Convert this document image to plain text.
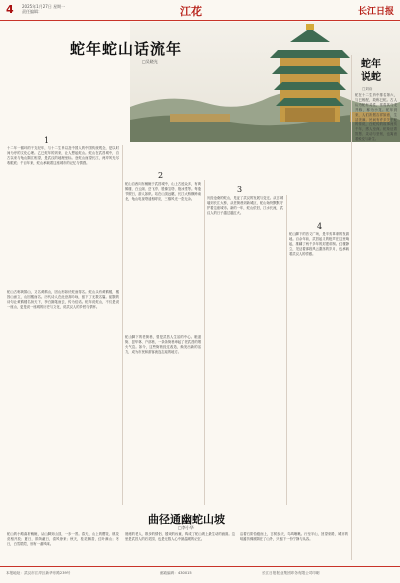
4 2025年1月27日 星期一
责任编辑：	江花	长江日报
蛇年蛇山话流年
□吴晓光	蛇年
说蛇
□刘诗
蛇在十二生肖中排名第六，与巳相配，故称巳蛇。古人认为蛇有灵性，常将其与龙并称，称为小龙。蛇年到来，人们祈愿吉祥如意，生活美满。民间有许多关于蛇的传说，白蛇传的故事流传千年，感人至深。蛇象征着智慧、灵动与坚韧，也寓意着蜕变与新生。
1
2
3
4
十二年一循环的干支纪年，与十二生肖以及中国人的中国传统观念，是以时间为序的文化心理。乙巳蛇年的到来，让人想起蛇山。蛇山在武昌城中，自古以来与龟山隔江相望，是武汉的地理坐标。登蛇山而望长江，两岸风光尽收眼底；千百年来，蛇山承载着这座城市的记忆与情感。
蛇山古称黄鹄山，又名黄鹤山，因山形如伏蛇而得名。蛇山头有黄鹤楼，楼因山而立，山因楼而名。历代诗人在此登高吟咏，留下了无数名篇。崔颢的诗句让黄鹤楼名扬天下，李白搁笔而去，传为佳话。蛇年说蛇山，不仅是说一座山，更是说一座城的历史与文化，说武汉人的乡愁与情怀。
蛇山自西向东蜿蜒于武昌城中，山上古迹众多，有黄鹤楼、白云阁、岳飞亭、胜像宝塔、抱冰堂等。每逢节假日，游人如织。站在山顶远眺，长江大桥横跨南北，龟山电视塔遥相呼应，三镇风光一览无余。
蛇山脚下的老街巷，曾是武昌人生活的中心。粮道街、昙华林、户部巷，一条条街巷串起了老武昌的烟火气息。如今，这些街巷经过改造，焕发出新的活力，成为市民和游客流连忘返的地方。
历经沧桑的蛇山，见证了武汉的发展与变迁。从古城墙到长江大桥，从老街巷到新城区，蛇山始终默默守护着这座城市。新的一年，蛇山依旧，江水长流，武汉人的日子越过越红火。
蛇山脚下的首义广场，是辛亥革命的发源地。百余年前，武昌起义的枪声在这里响起，推翻了两千多年的封建帝制。红楼静立，见证着那段风云激荡的岁月，也承载着武汉人的骄傲。
曲径通幽蛇山坡
□李小华
蛇山的小路曲折蜿蜒，从山脚到山顶，一步一景。春天，山上的樱花、桃花竞相开放；夏日，浓荫蔽日，清风徐来；秋天，桂花飘香，红叶满山；冬日，白雪皑皑，别有一番风味。
晨练的老人、散步的情侣、嬉戏的孩童，构成了蛇山坡上最生动的画面。这里是武昌人的后花园，也是无数人心中最温暖的记忆。
沿着石阶拾级而上，古树参天，鸟鸣啾啾。行至半山，回望来路，城市的喧嚣仿佛被隔在了山外，只留下一份宁静与从容。
本报地址：武汉市江岸区新华东路239号	邮政编码：430015	长江日报报业集团印务有限公司印刷
